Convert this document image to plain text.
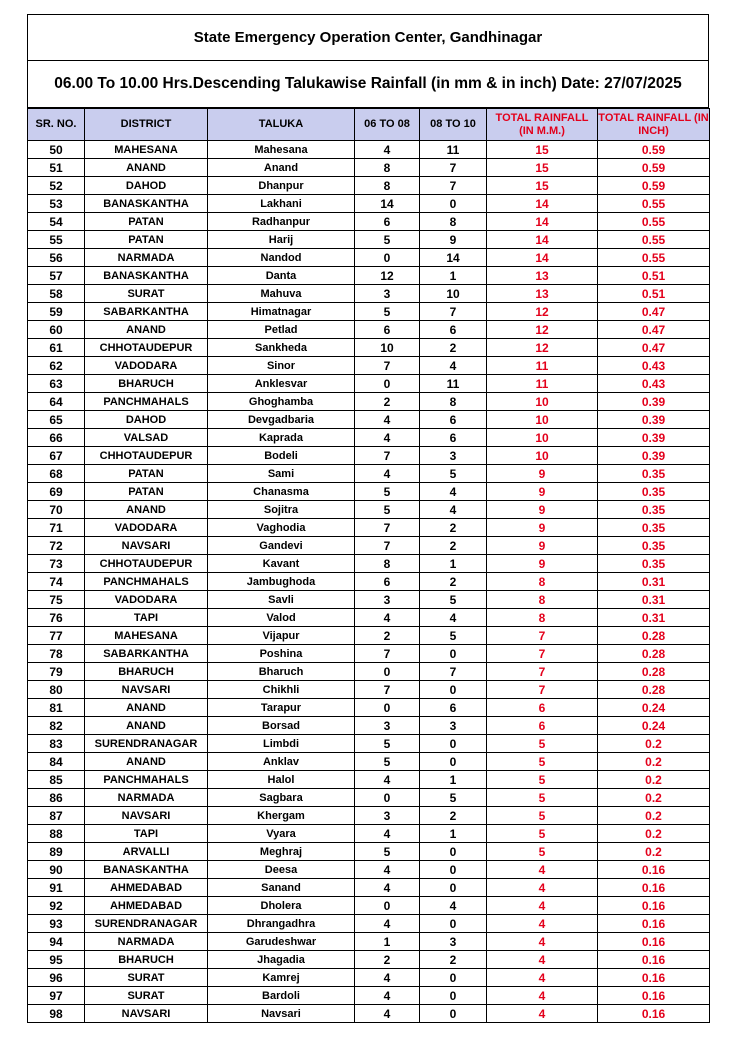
State Emergency Operation Center, Gandhinagar
06.00 To 10.00 Hrs.Descending Talukawise Rainfall (in mm & in inch) Date: 27/07/2025
SR. NO.	DISTRICT	TALUKA	06 TO 08	08 TO 10	TOTAL RAINFALL (IN M.M.)	TOTAL RAINFALL (IN INCH)
50	MAHESANA	Mahesana	4	11	15	0.59
51	ANAND	Anand	8	7	15	0.59
52	DAHOD	Dhanpur	8	7	15	0.59
53	BANASKANTHA	Lakhani	14	0	14	0.55
54	PATAN	Radhanpur	6	8	14	0.55
55	PATAN	Harij	5	9	14	0.55
56	NARMADA	Nandod	0	14	14	0.55
57	BANASKANTHA	Danta	12	1	13	0.51
58	SURAT	Mahuva	3	10	13	0.51
59	SABARKANTHA	Himatnagar	5	7	12	0.47
60	ANAND	Petlad	6	6	12	0.47
61	CHHOTAUDEPUR	Sankheda	10	2	12	0.47
62	VADODARA	Sinor	7	4	11	0.43
63	BHARUCH	Anklesvar	0	11	11	0.43
64	PANCHMAHALS	Ghoghamba	2	8	10	0.39
65	DAHOD	Devgadbaria	4	6	10	0.39
66	VALSAD	Kaprada	4	6	10	0.39
67	CHHOTAUDEPUR	Bodeli	7	3	10	0.39
68	PATAN	Sami	4	5	9	0.35
69	PATAN	Chanasma	5	4	9	0.35
70	ANAND	Sojitra	5	4	9	0.35
71	VADODARA	Vaghodia	7	2	9	0.35
72	NAVSARI	Gandevi	7	2	9	0.35
73	CHHOTAUDEPUR	Kavant	8	1	9	0.35
74	PANCHMAHALS	Jambughoda	6	2	8	0.31
75	VADODARA	Savli	3	5	8	0.31
76	TAPI	Valod	4	4	8	0.31
77	MAHESANA	Vijapur	2	5	7	0.28
78	SABARKANTHA	Poshina	7	0	7	0.28
79	BHARUCH	Bharuch	0	7	7	0.28
80	NAVSARI	Chikhli	7	0	7	0.28
81	ANAND	Tarapur	0	6	6	0.24
82	ANAND	Borsad	3	3	6	0.24
83	SURENDRANAGAR	Limbdi	5	0	5	0.2
84	ANAND	Anklav	5	0	5	0.2
85	PANCHMAHALS	Halol	4	1	5	0.2
86	NARMADA	Sagbara	0	5	5	0.2
87	NAVSARI	Khergam	3	2	5	0.2
88	TAPI	Vyara	4	1	5	0.2
89	ARVALLI	Meghraj	5	0	5	0.2
90	BANASKANTHA	Deesa	4	0	4	0.16
91	AHMEDABAD	Sanand	4	0	4	0.16
92	AHMEDABAD	Dholera	0	4	4	0.16
93	SURENDRANAGAR	Dhrangadhra	4	0	4	0.16
94	NARMADA	Garudeshwar	1	3	4	0.16
95	BHARUCH	Jhagadia	2	2	4	0.16
96	SURAT	Kamrej	4	0	4	0.16
97	SURAT	Bardoli	4	0	4	0.16
98	NAVSARI	Navsari	4	0	4	0.16
